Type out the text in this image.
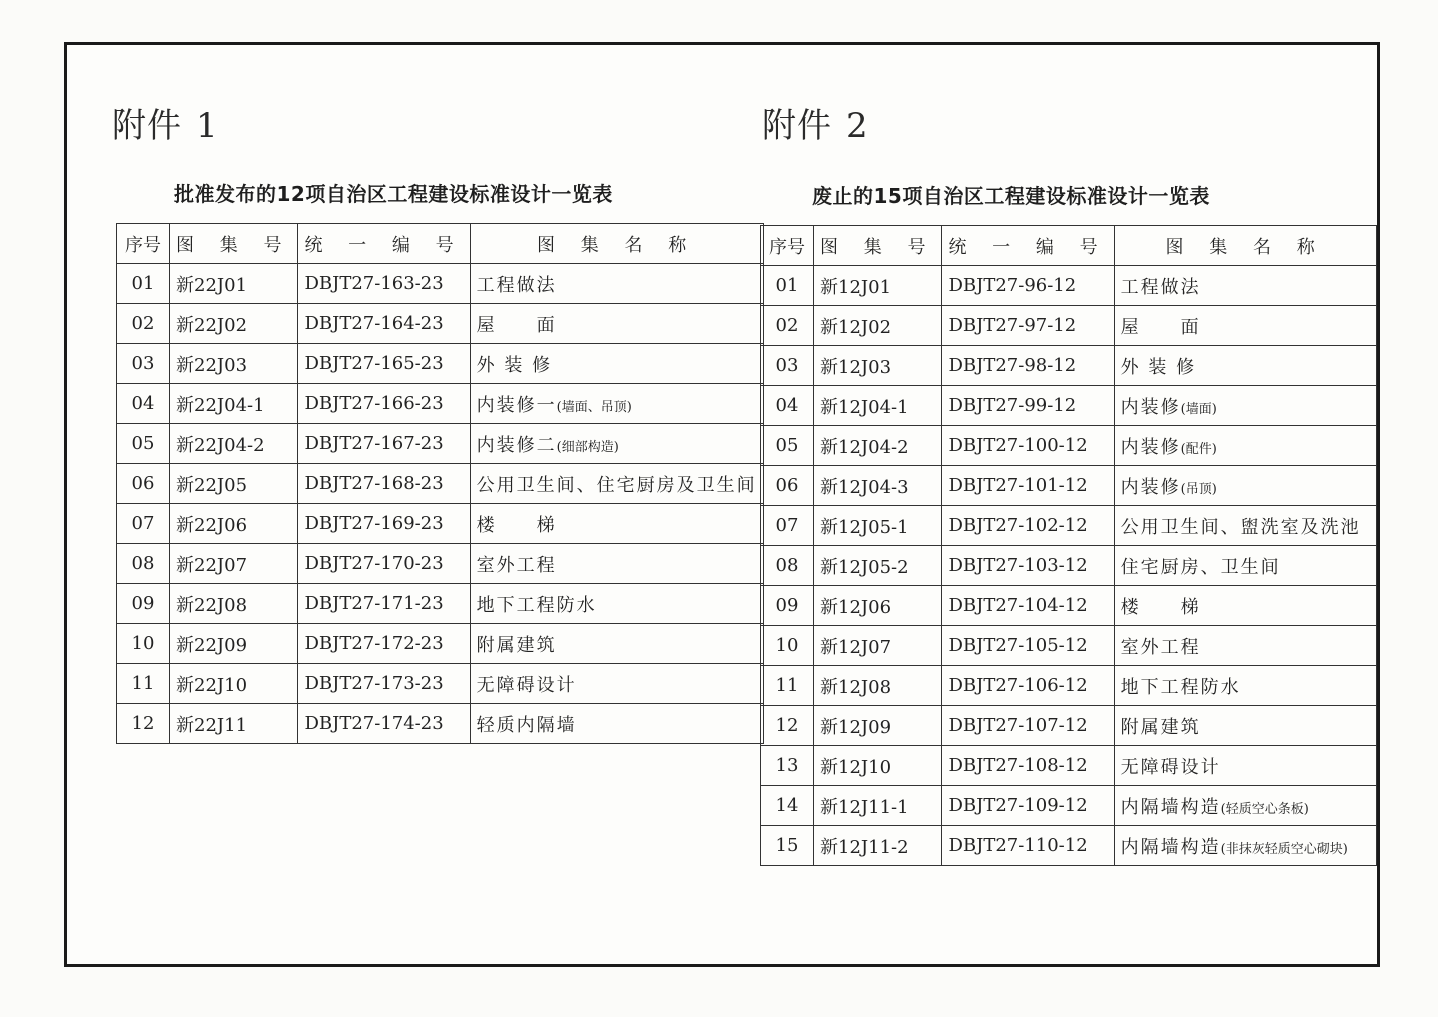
附件 1
批准发布的12项自治区工程建设标准设计一览表
序号	图 集 号	统 一 编 号	图 集 名 称
01	新22J01	DBJT27-163-23	工程做法
02	新22J02	DBJT27-164-23	屋　　面
03	新22J03	DBJT27-165-23	外 装 修
04	新22J04-1	DBJT27-166-23	内装修一(墙面、吊顶)
05	新22J04-2	DBJT27-167-23	内装修二(细部构造)
06	新22J05	DBJT27-168-23	公用卫生间、住宅厨房及卫生间
07	新22J06	DBJT27-169-23	楼　　梯
08	新22J07	DBJT27-170-23	室外工程
09	新22J08	DBJT27-171-23	地下工程防水
10	新22J09	DBJT27-172-23	附属建筑
11	新22J10	DBJT27-173-23	无障碍设计
12	新22J11	DBJT27-174-23	轻质内隔墙
附件 2
废止的15项自治区工程建设标准设计一览表
序号	图 集 号	统 一 编 号	图 集 名 称
01	新12J01	DBJT27-96-12	工程做法
02	新12J02	DBJT27-97-12	屋　　面
03	新12J03	DBJT27-98-12	外 装 修
04	新12J04-1	DBJT27-99-12	内装修(墙面)
05	新12J04-2	DBJT27-100-12	内装修(配件)
06	新12J04-3	DBJT27-101-12	内装修(吊顶)
07	新12J05-1	DBJT27-102-12	公用卫生间、盥洗室及洗池
08	新12J05-2	DBJT27-103-12	住宅厨房、卫生间
09	新12J06	DBJT27-104-12	楼　　梯
10	新12J07	DBJT27-105-12	室外工程
11	新12J08	DBJT27-106-12	地下工程防水
12	新12J09	DBJT27-107-12	附属建筑
13	新12J10	DBJT27-108-12	无障碍设计
14	新12J11-1	DBJT27-109-12	内隔墙构造(轻质空心条板)
15	新12J11-2	DBJT27-110-12	内隔墙构造(非抹灰轻质空心砌块)
